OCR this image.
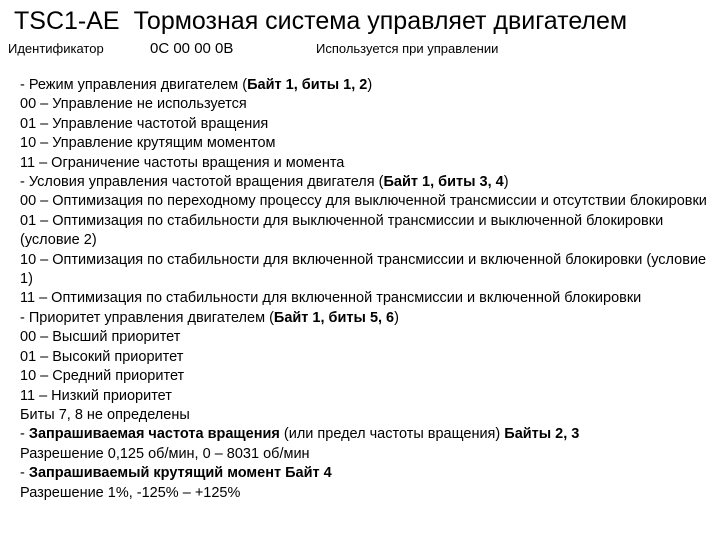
TSC1-AE Тормозная система управляет двигателем
Идентификатор	0C 00 00 0B	Используется при управлении
- Режим управления двигателем (Байт 1, биты 1, 2)
00 – Управление не используется
01 – Управление частотой вращения
10 – Управление крутящим моментом
11 – Ограничение частоты вращения и момента
- Условия управления частотой вращения двигателя (Байт 1, биты 3, 4)
00 – Оптимизация по переходному процессу для выключенной трансмиссии и отсутствии блокировки
01 – Оптимизация по стабильности для выключенной трансмиссии и выключенной блокировки (условие 2)
10 – Оптимизация по стабильности для включенной трансмиссии и включенной блокировки (условие 1)
11 – Оптимизация по стабильности для включенной трансмиссии и включенной блокировки
- Приоритет управления двигателем (Байт 1, биты 5, 6)
00 – Высший приоритет
01 – Высокий приоритет
10 – Средний приоритет
11 – Низкий приоритет
Биты 7, 8 не определены
- Запрашиваемая частота вращения (или предел частоты вращения) Байты 2, 3
Разрешение 0,125 об/мин, 0 – 8031 об/мин
- Запрашиваемый крутящий момент Байт 4
Разрешение 1%, -125% – +125%
